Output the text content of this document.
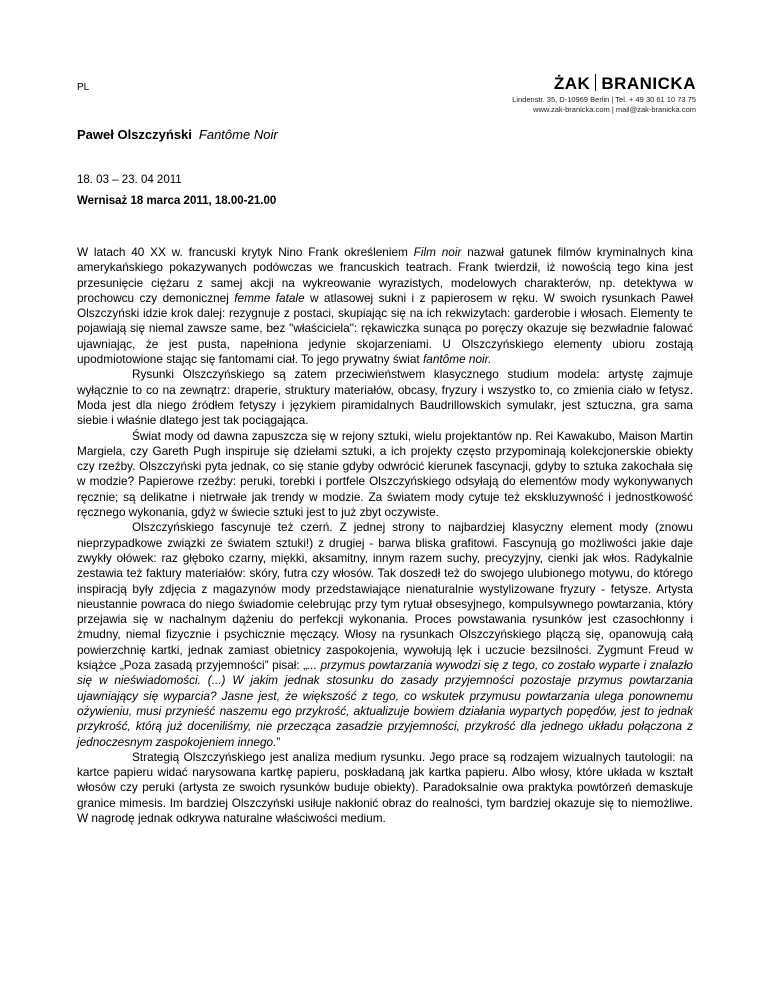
PL	ŻAK BRANICKA
Lindenstr. 35, D-10969 Berlin | Tel. + 49 30 61 10 73 75
www.zak-branicka.com | mail@zak-branicka.com
Paweł Olszczyński Fantôme Noir
18. 03 – 23. 04 2011
Wernisaż 18 marca 2011, 18.00-21.00

W latach 40 XX w. francuski krytyk Nino Frank określeniem Film noir nazwał gatunek filmów kryminalnych kina amerykańskiego pokazywanych podówczas we francuskich teatrach. Frank twierdził, iż nowością tego kina jest przesunięcie ciężaru z samej akcji na wykreowanie wyrazistych, modelowych charakterów, np. detektywa w prochowcu czy demonicznej femme fatale w atlasowej sukni i z papierosem w ręku. W swoich rysunkach Paweł Olszczyński idzie krok dalej: rezygnuje z postaci, skupiając się na ich rekwizytach: garderobie i włosach. Elementy te pojawiają się niemal zawsze same, bez "właściciela": rękawiczka sunąca po poręczy okazuje się bezwładnie falować ujawniając, że jest pusta, napełniona jedynie skojarzeniami. U Olszczyńskiego elementy ubioru zostają upodmiotowione stając się fantomami ciał. To jego prywatny świat fantôme noir.

Rysunki Olszczyńskiego są zatem przeciwieństwem klasycznego studium modela: artystę zajmuje wyłącznie to co na zewnątrz: draperie, struktury materiałów, obcasy, fryzury i wszystko to, co zmienia ciało w fetysz. Moda jest dla niego źródłem fetyszy i językiem piramidalnych Baudrillowskich symulakr, jest sztuczna, gra sama siebie i właśnie dlatego jest tak pociągająca.

Świat mody od dawna zapuszcza się w rejony sztuki, wielu projektantów np. Rei Kawakubo, Maison Martin Margiela, czy Gareth Pugh inspiruje się dziełami sztuki, a ich projekty często przypominają kolekcjonerskie obiekty czy rzeźby. Olszczyński pyta jednak, co się stanie gdyby odwrócić kierunek fascynacji, gdyby to sztuka zakochała się w modzie? Papierowe rzeźby: peruki, torebki i portfele Olszczyńskiego odsyłają do elementów mody wykonywanych ręcznie; są delikatne i nietrwałe jak trendy w modzie. Za światem mody cytuje też ekskluzywność i jednostkowość ręcznego wykonania, gdyż w świecie sztuki jest to już zbyt oczywiste.

Olszczyńskiego fascynuje też czerń. Z jednej strony to najbardziej klasyczny element mody (znowu nieprzypadkowe związki ze światem sztuki!) z drugiej - barwa bliska grafitowi. Fascynują go możliwości jakie daje zwykły ołówek: raz głęboko czarny, miękki, aksamitny, innym razem suchy, precyzyjny, cienki jak włos. Radykalnie zestawia też faktury materiałów: skóry, futra czy włosów. Tak doszedł też do swojego ulubionego motywu, do którego inspiracją były zdjęcia z magazynów mody przedstawiające nienaturalnie wystylizowane fryzury - fetysze. Artysta nieustannie powraca do niego świadomie celebrując przy tym rytuał obsesyjnego, kompulsywnego powtarzania, który przejawia się w nachalnym dążeniu do perfekcji wykonania. Proces powstawania rysunków jest czasochłonny i żmudny, niemal fizycznie i psychicznie męczący. Włosy na rysunkach Olszczyńskiego plączą się, opanowują całą powierzchnię kartki, jednak zamiast obietnicy zaspokojenia, wywołują lęk i uczucie bezsilności. Zygmunt Freud w książce „Poza zasadą przyjemności” pisał: „... przymus powtarzania wywodzi się z tego, co zostało wyparte i znalazło się w nieświadomości. (...) W jakim jednak stosunku do zasady przyjemności pozostaje przymus powtarzania ujawniający się wyparcia? Jasne jest, że większość z tego, co wskutek przymusu powtarzania ulega ponownemu ożywieniu, musi przynieść naszemu ego przykrość, aktualizuje bowiem działania wypartych popędów, jest to jednak przykrość, którą już doceniliśmy, nie przecząca zasadzie przyjemności, przykrość dla jednego układu połączona z jednoczesnym zaspokojeniem innego.”

Strategią Olszczyńskiego jest analiza medium rysunku. Jego prace są rodzajem wizualnych tautologii: na kartce papieru widać narysowana kartkę papieru, poskładaną jak kartka papieru. Albo włosy, które układa w kształt włosów czy peruki (artysta ze swoich rysunków buduje obiekty). Paradoksalnie owa praktyka powtórzeń demaskuje granice mimesis. Im bardziej Olszczyński usiłuje nakłonić obraz do realności, tym bardziej okazuje się to niemożliwe. W nagrodę jednak odkrywa naturalne właściwości medium.
